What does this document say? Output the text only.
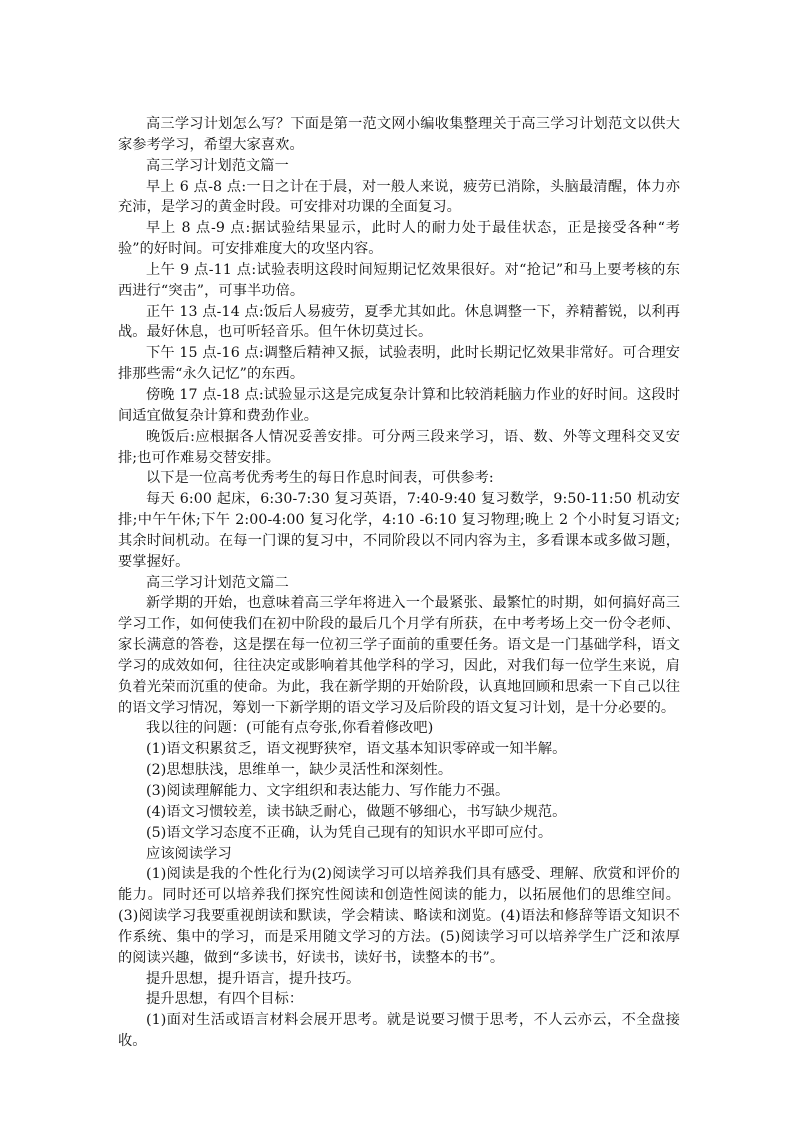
高三学习计划怎么写？下面是第一范文网小编收集整理关于高三学习计划范文以供大家参考学习，希望大家喜欢。

高三学习计划范文篇一

早上 6 点-8 点:一日之计在于晨，对一般人来说，疲劳已消除，头脑最清醒，体力亦充沛，是学习的黄金时段。可安排对功课的全面复习。

早上 8 点-9 点:据试验结果显示，此时人的耐力处于最佳状态，正是接受各种“考验”的好时间。可安排难度大的攻坚内容。

上午 9 点-11 点:试验表明这段时间短期记忆效果很好。对“抢记”和马上要考核的东西进行“突击”，可事半功倍。

正午 13 点-14 点:饭后人易疲劳，夏季尤其如此。休息调整一下，养精蓄锐，以利再战。最好休息，也可听轻音乐。但午休切莫过长。

下午 15 点-16 点:调整后精神又振，试验表明，此时长期记忆效果非常好。可合理安排那些需“永久记忆”的东西。

傍晚 17 点-18 点:试验显示这是完成复杂计算和比较消耗脑力作业的好时间。这段时间适宜做复杂计算和费劲作业。

晚饭后:应根据各人情况妥善安排。可分两三段来学习，语、数、外等文理科交叉安排;也可作难易交替安排。

以下是一位高考优秀考生的每日作息时间表，可供参考:

每天 6:00 起床，6:30-7:30 复习英语，7:40-9:40 复习数学，9:50-11:50 机动安排;中午午休;下午 2:00-4:00 复习化学，4:10 -6:10 复习物理;晚上 2 个小时复习语文;其余时间机动。在每一门课的复习中，不同阶段以不同内容为主，多看课本或多做习题，要掌握好。

高三学习计划范文篇二

新学期的开始，也意味着高三学年将进入一个最紧张、最繁忙的时期，如何搞好高三学习工作，如何使我们在初中阶段的最后几个月学有所获，在中考考场上交一份令老师、家长满意的答卷，这是摆在每一位初三学子面前的重要任务。语文是一门基础学科，语文学习的成效如何，往往决定或影响着其他学科的学习，因此，对我们每一位学生来说，肩负着光荣而沉重的使命。为此，我在新学期的开始阶段，认真地回顾和思索一下自己以往的语文学习情况，筹划一下新学期的语文学习及后阶段的语文复习计划，是十分必要的。

我以往的问题：(可能有点夸张,你看着修改吧)

(1)语文积累贫乏，语文视野狭窄，语文基本知识零碎或一知半解。

(2)思想肤浅，思维单一，缺少灵活性和深刻性。

(3)阅读理解能力、文字组织和表达能力、写作能力不强。

(4)语文习惯较差，读书缺乏耐心，做题不够细心，书写缺少规范。

(5)语文学习态度不正确，认为凭自己现有的知识水平即可应付。

应该阅读学习

(1)阅读是我的个性化行为(2)阅读学习可以培养我们具有感受、理解、欣赏和评价的能力。同时还可以培养我们探究性阅读和创造性阅读的能力，以拓展他们的思维空间。(3)阅读学习我要重视朗读和默读，学会精读、略读和浏览。(4)语法和修辞等语文知识不作系统、集中的学习，而是采用随文学习的方法。(5)阅读学习可以培养学生广泛和浓厚的阅读兴趣，做到“多读书，好读书，读好书，读整本的书”。

提升思想，提升语言，提升技巧。

提升思想，有四个目标：

(1)面对生活或语言材料会展开思考。就是说要习惯于思考，不人云亦云，不全盘接收。
